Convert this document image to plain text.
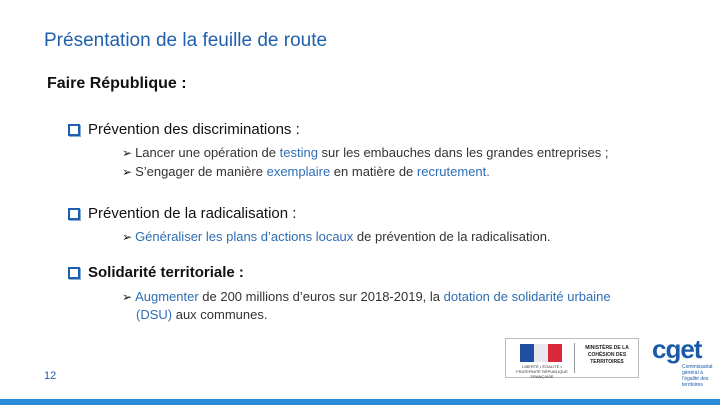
Présentation de la feuille de route
Faire République :
Prévention des discriminations :
➢ Lancer une opération de testing sur les embauches dans les grandes entreprises ;
➢ S’engager de manière exemplaire en matière de recrutement.
Prévention de la radicalisation :
➢ Généraliser les plans d’actions locaux de prévention de la radicalisation.
Solidarité territoriale :
➢ Augmenter de 200 millions d’euros sur 2018-2019, la dotation de solidarité urbaine
(DSU) aux communes.
12
LIBERTÉ • ÉGALITÉ • FRATERNITÉ RÉPUBLIQUE FRANÇAISE
MINISTÈRE DE LA COHÉSION DES TERRITOIRES	cget
Commissariat général à l’égalité des territoires
